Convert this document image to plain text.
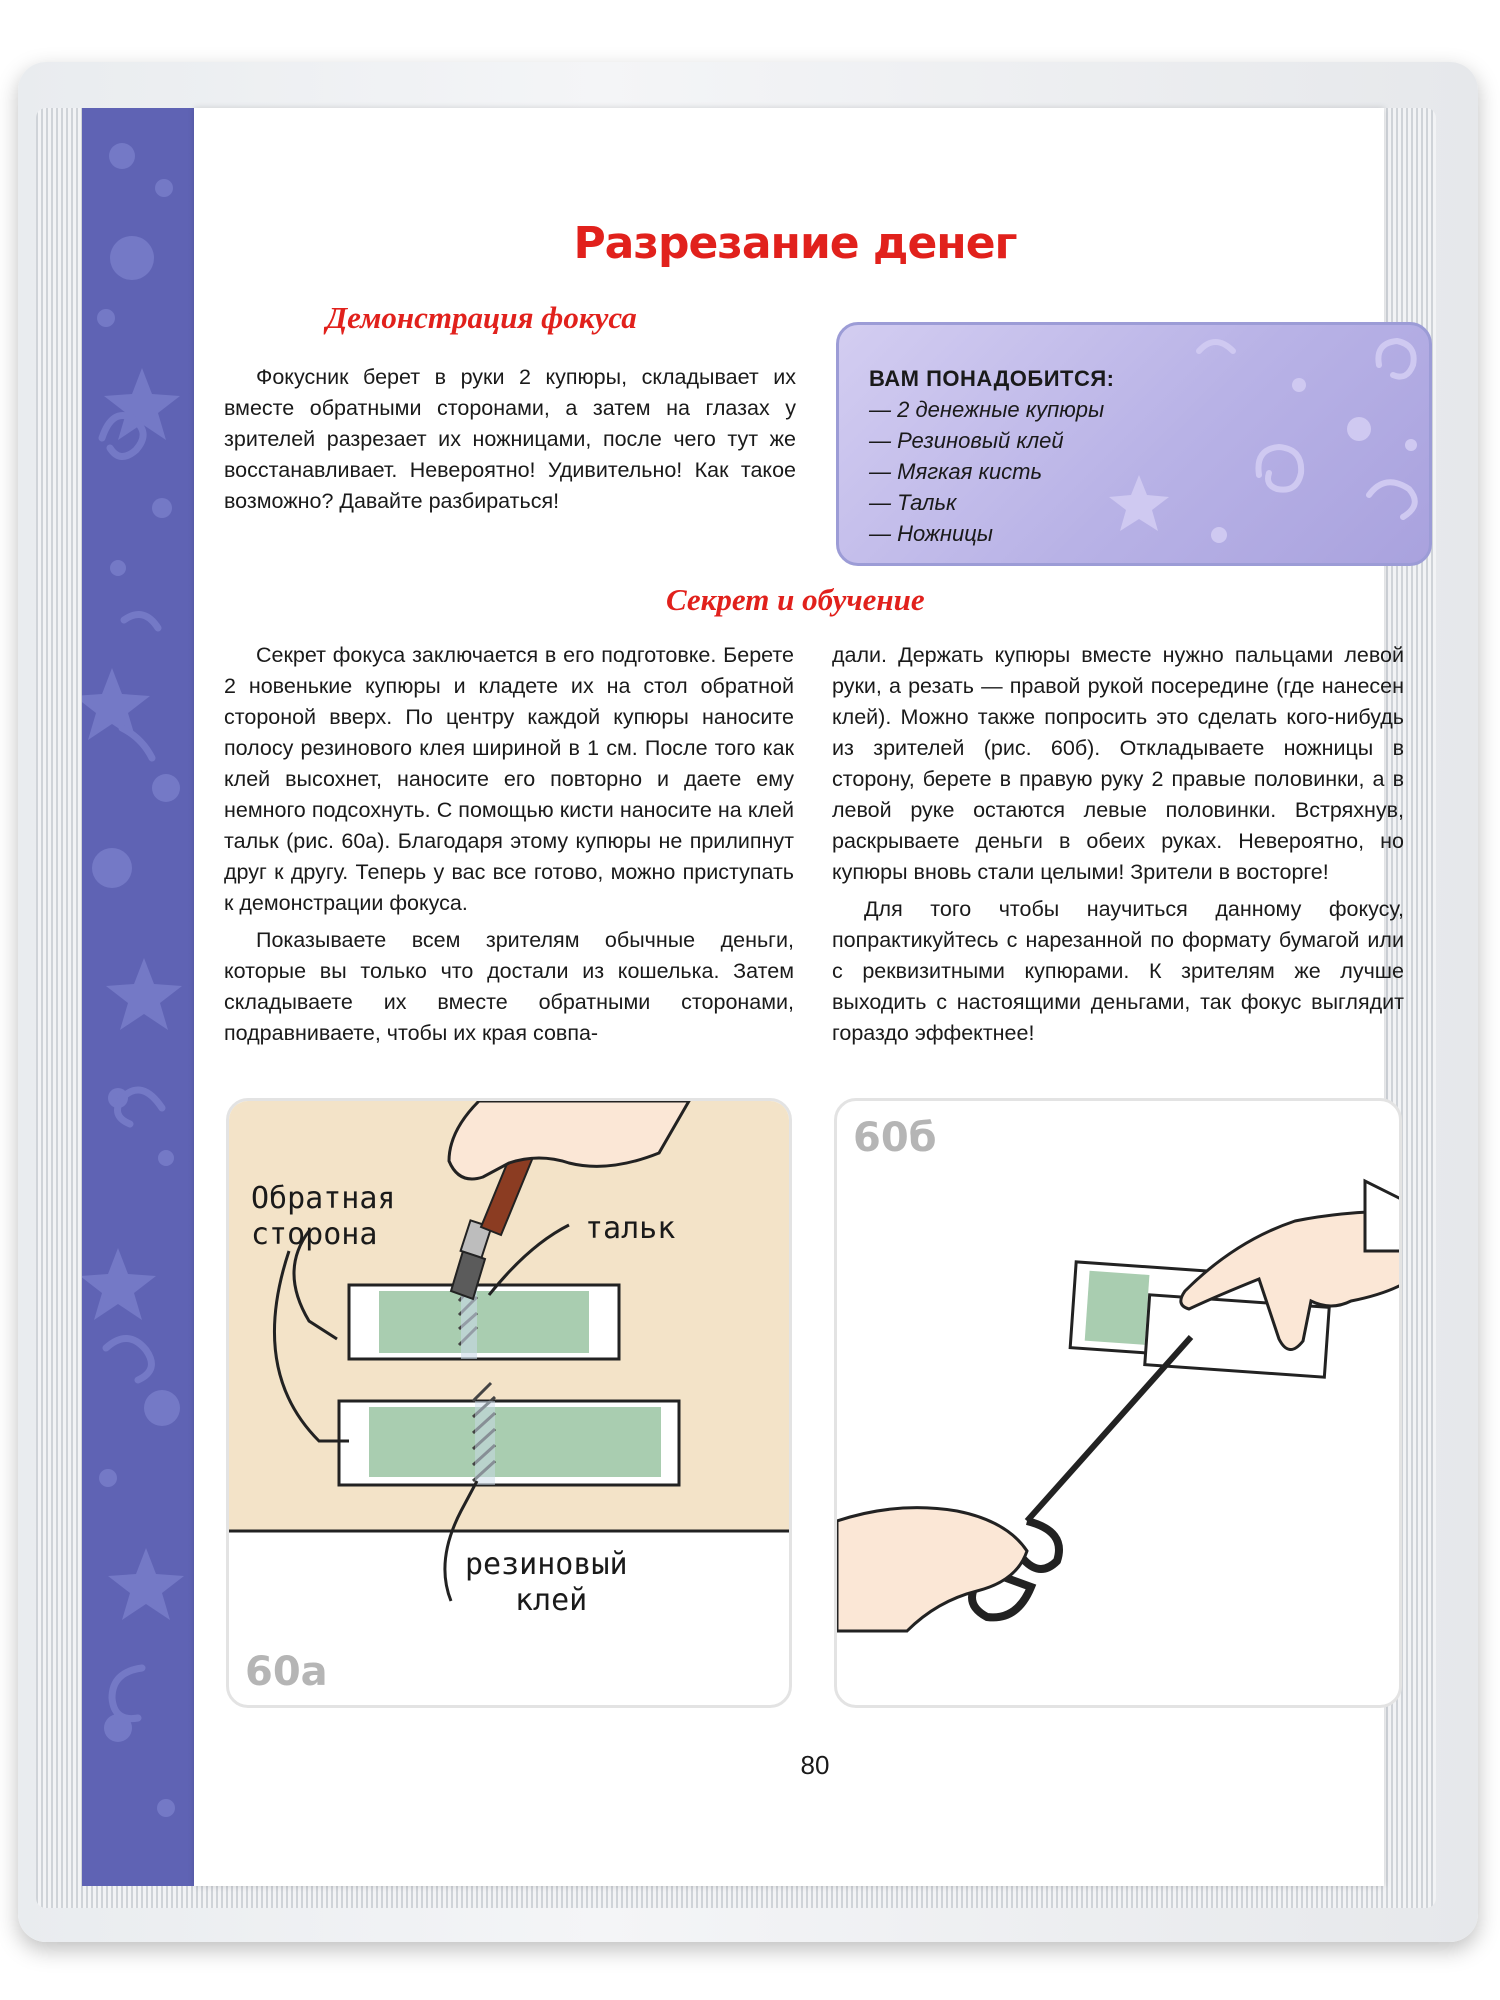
Разрезание денег
Демонстрация фокуса

Фокусник берет в руки 2 купюры, складывает их вместе обратными сторонами, а затем на глазах у зрителей разрезает их ножницами, после чего тут же восстанавливает. Невероятно! Удивительно! Как такое возможно? Давайте разбираться!

ВАМ ПОНАДОБИТСЯ:
— 2 денежные купюры
— Резиновый клей
— Мягкая кисть
— Тальк
— Ножницы
Секрет и обучение

Секрет фокуса заключается в его подготовке. Берете 2 новенькие купюры и кладете их на стол обратной стороной вверх. По центру каждой купюры наносите полосу резинового клея шириной в 1 см. После того как клей высохнет, наносите его повторно и даете ему немного подсохнуть. С помощью кисти наносите на клей тальк (рис. 60а). Благодаря этому купюры не прилипнут друг к другу. Теперь у вас все готово, можно приступать к демонстрации фокуса.

Показываете всем зрителям обычные деньги, которые вы только что достали из кошелька. Затем складываете их вместе обратными сторонами, подравниваете, чтобы их края совпа-

дали. Держать купюры вместе нужно пальцами левой руки, а резать — правой рукой посередине (где нанесен клей). Можно также попросить это сделать кого-нибудь из зрителей (рис. 60б). Откладываете ножницы в сторону, берете в правую руку 2 правые половинки, а в левой руке остаются левые половинки. Встряхнув, раскрываете деньги в обеих руках. Невероятно, но купюры вновь стали целыми! Зрители в восторге!

Для того чтобы научиться данному фокусу, попрактикуйтесь с нарезанной по формату бумагой или с реквизитными купюрами. К зрителям же лучше выходить с настоящими деньгами, так фокус выглядит гораздо эффектнее!

Обратная
сторона	тальк
резиновый
клей
60а
60б
80
